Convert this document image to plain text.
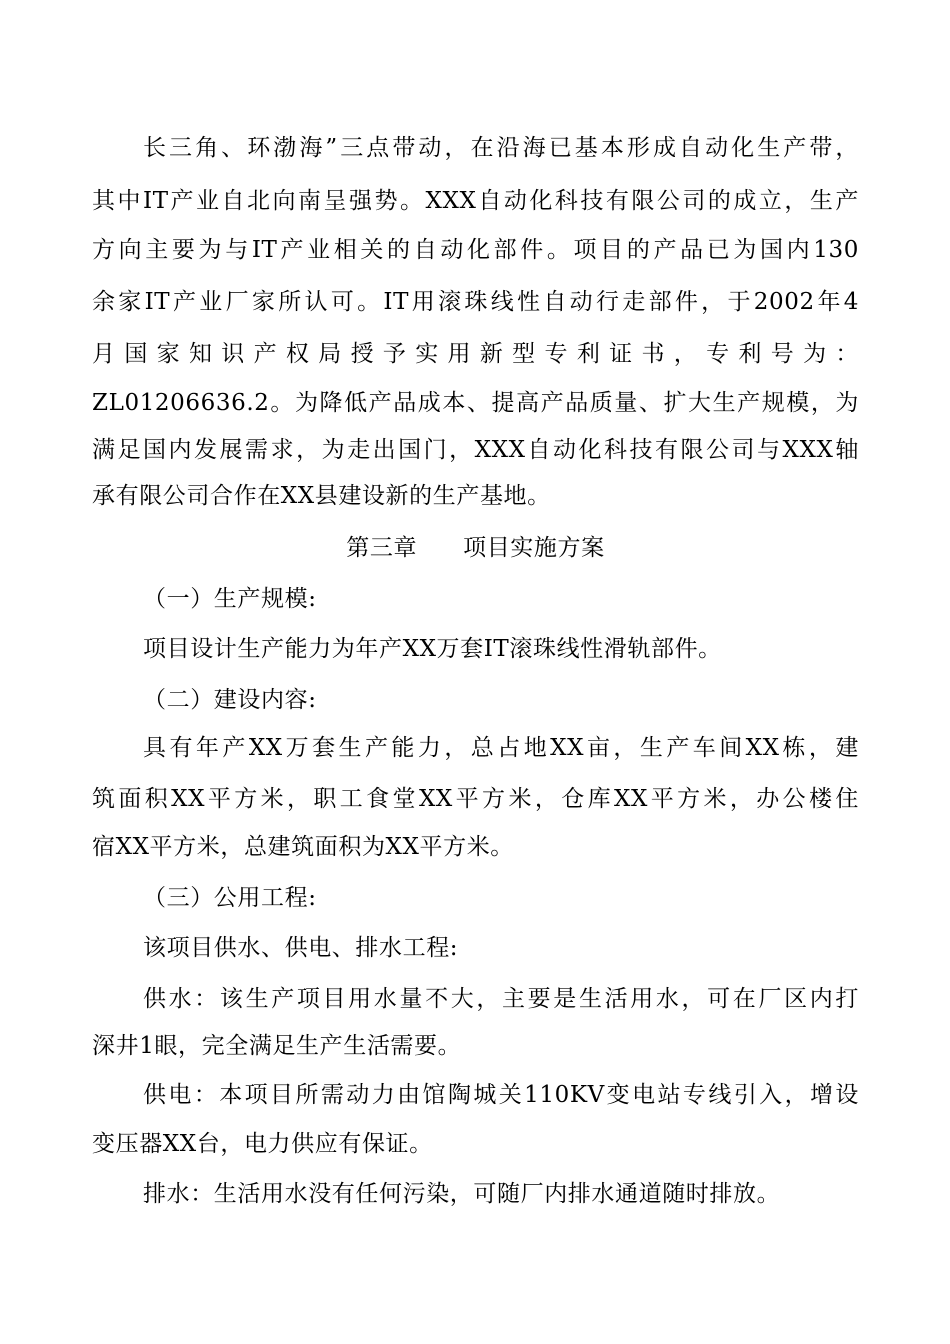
长三角、环渤海”三点带动，在沿海已基本形成自动化生产带，
其中IT产业自北向南呈强势。XXX自动化科技有限公司的成立，生产
方向主要为与IT产业相关的自动化部件。项目的产品已为国内130
余家IT产业厂家所认可。IT用滚珠线性自动行走部件，于2002年4
月国家知识产权局授予实用新型专利证书，专利号为：
ZL01206636.2。为降低产品成本、提高产品质量、扩大生产规模，为
满足国内发展需求，为走出国门，XXX自动化科技有限公司与XXX轴
承有限公司合作在XX县建设新的生产基地。
第三章 项目实施方案
（一）生产规模:
项目设计生产能力为年产XX万套IT滚珠线性滑轨部件。
（二）建设内容:
具有年产XX万套生产能力，总占地XX亩，生产车间XX栋，建
筑面积XX平方米，职工食堂XX平方米，仓库XX平方米，办公楼住
宿XX平方米，总建筑面积为XX平方米。
（三）公用工程:
该项目供水、供电、排水工程:
供水：该生产项目用水量不大，主要是生活用水，可在厂区内打
深井1眼，完全满足生产生活需要。
供电：本项目所需动力由馆陶城关110KV变电站专线引入，增设
变压器XX台，电力供应有保证。
排水：生活用水没有任何污染，可随厂内排水通道随时排放。
